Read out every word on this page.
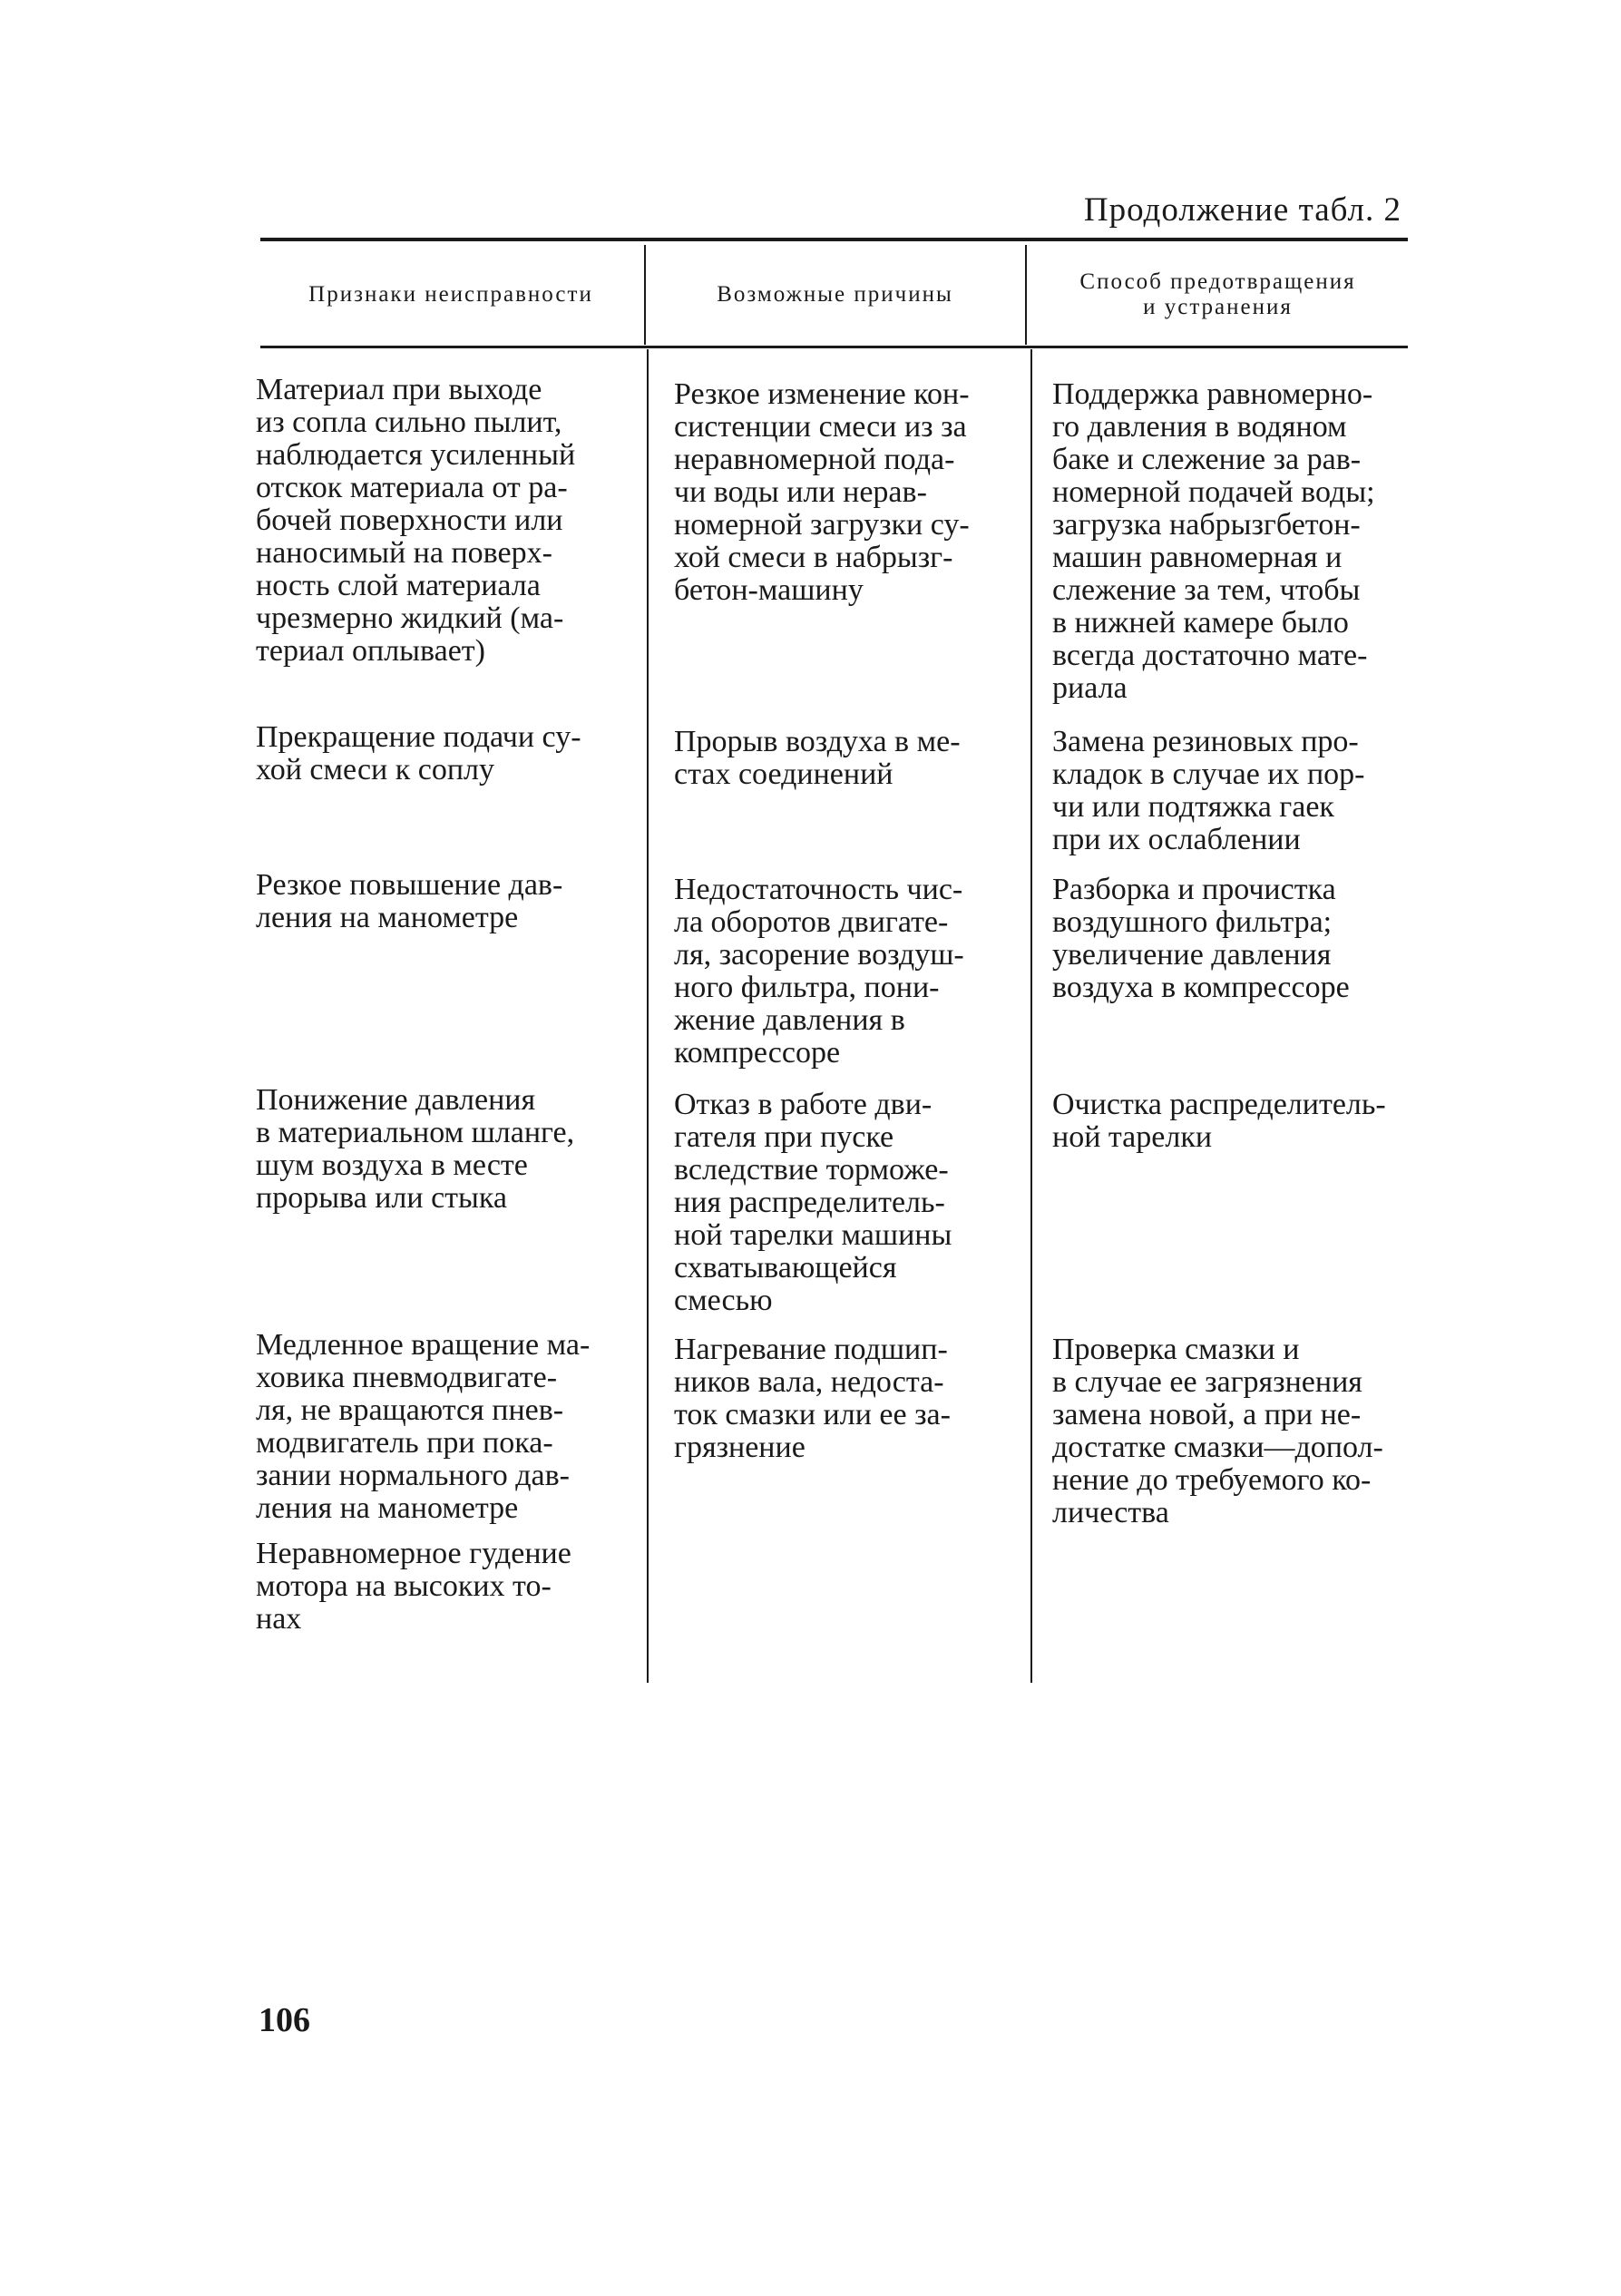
Продолжение табл. 2
Признаки неисправности	Возможные причины
Способ предотвращения
и устранения
Материал при выходе
из сопла сильно пылит,
наблюдается усиленный
отскок материала от ра-
бочей поверхности или
наносимый на поверх-
ность слой материала
чрезмерно жидкий (ма-
териал оплывает)
Резкое изменение кон-
систенции смеси из за
неравномерной пода-
чи воды или нерав-
номерной загрузки су-
хой смеси в набрызг-
бетон-машину
Поддержка равномерно-
го давления в водяном
баке и слежение за рав-
номерной подачей воды;
загрузка набрызгбетон-
машин равномерная и
слежение за тем, чтобы
в нижней камере было
всегда достаточно мате-
риала
Прекращение подачи су-
хой смеси к соплу
Прорыв воздуха в ме-
стах соединений
Замена резиновых про-
кладок в случае их пор-
чи или подтяжка гаек
при их ослаблении
Резкое повышение дав-
ления на манометре
Недостаточность чис-
ла оборотов двигате-
ля, засорение воздуш-
ного фильтра, пони-
жение давления в
компрессоре
Разборка и прочистка
воздушного фильтра;
увеличение давления
воздуха в компрессоре
Понижение давления
в материальном шланге,
шум воздуха в месте
прорыва или стыка
Отказ в работе дви-
гателя при пуске
вследствие торможе-
ния распределитель-
ной тарелки машины
схватывающейся
смесью
Очистка распределитель-
ной тарелки
Медленное вращение ма-
ховика пневмодвигате-
ля, не вращаются пнев-
модвигатель при пока-
зании нормального дав-
ления на манометре
Неравномерное гудение
мотора на высоких то-
нах
Нагревание подшип-
ников вала, недоста-
ток смазки или ее за-
грязнение
Проверка смазки и
в случае ее загрязнения
замена новой, а при не-
достатке смазки—допол-
нение до требуемого ко-
личества
106
